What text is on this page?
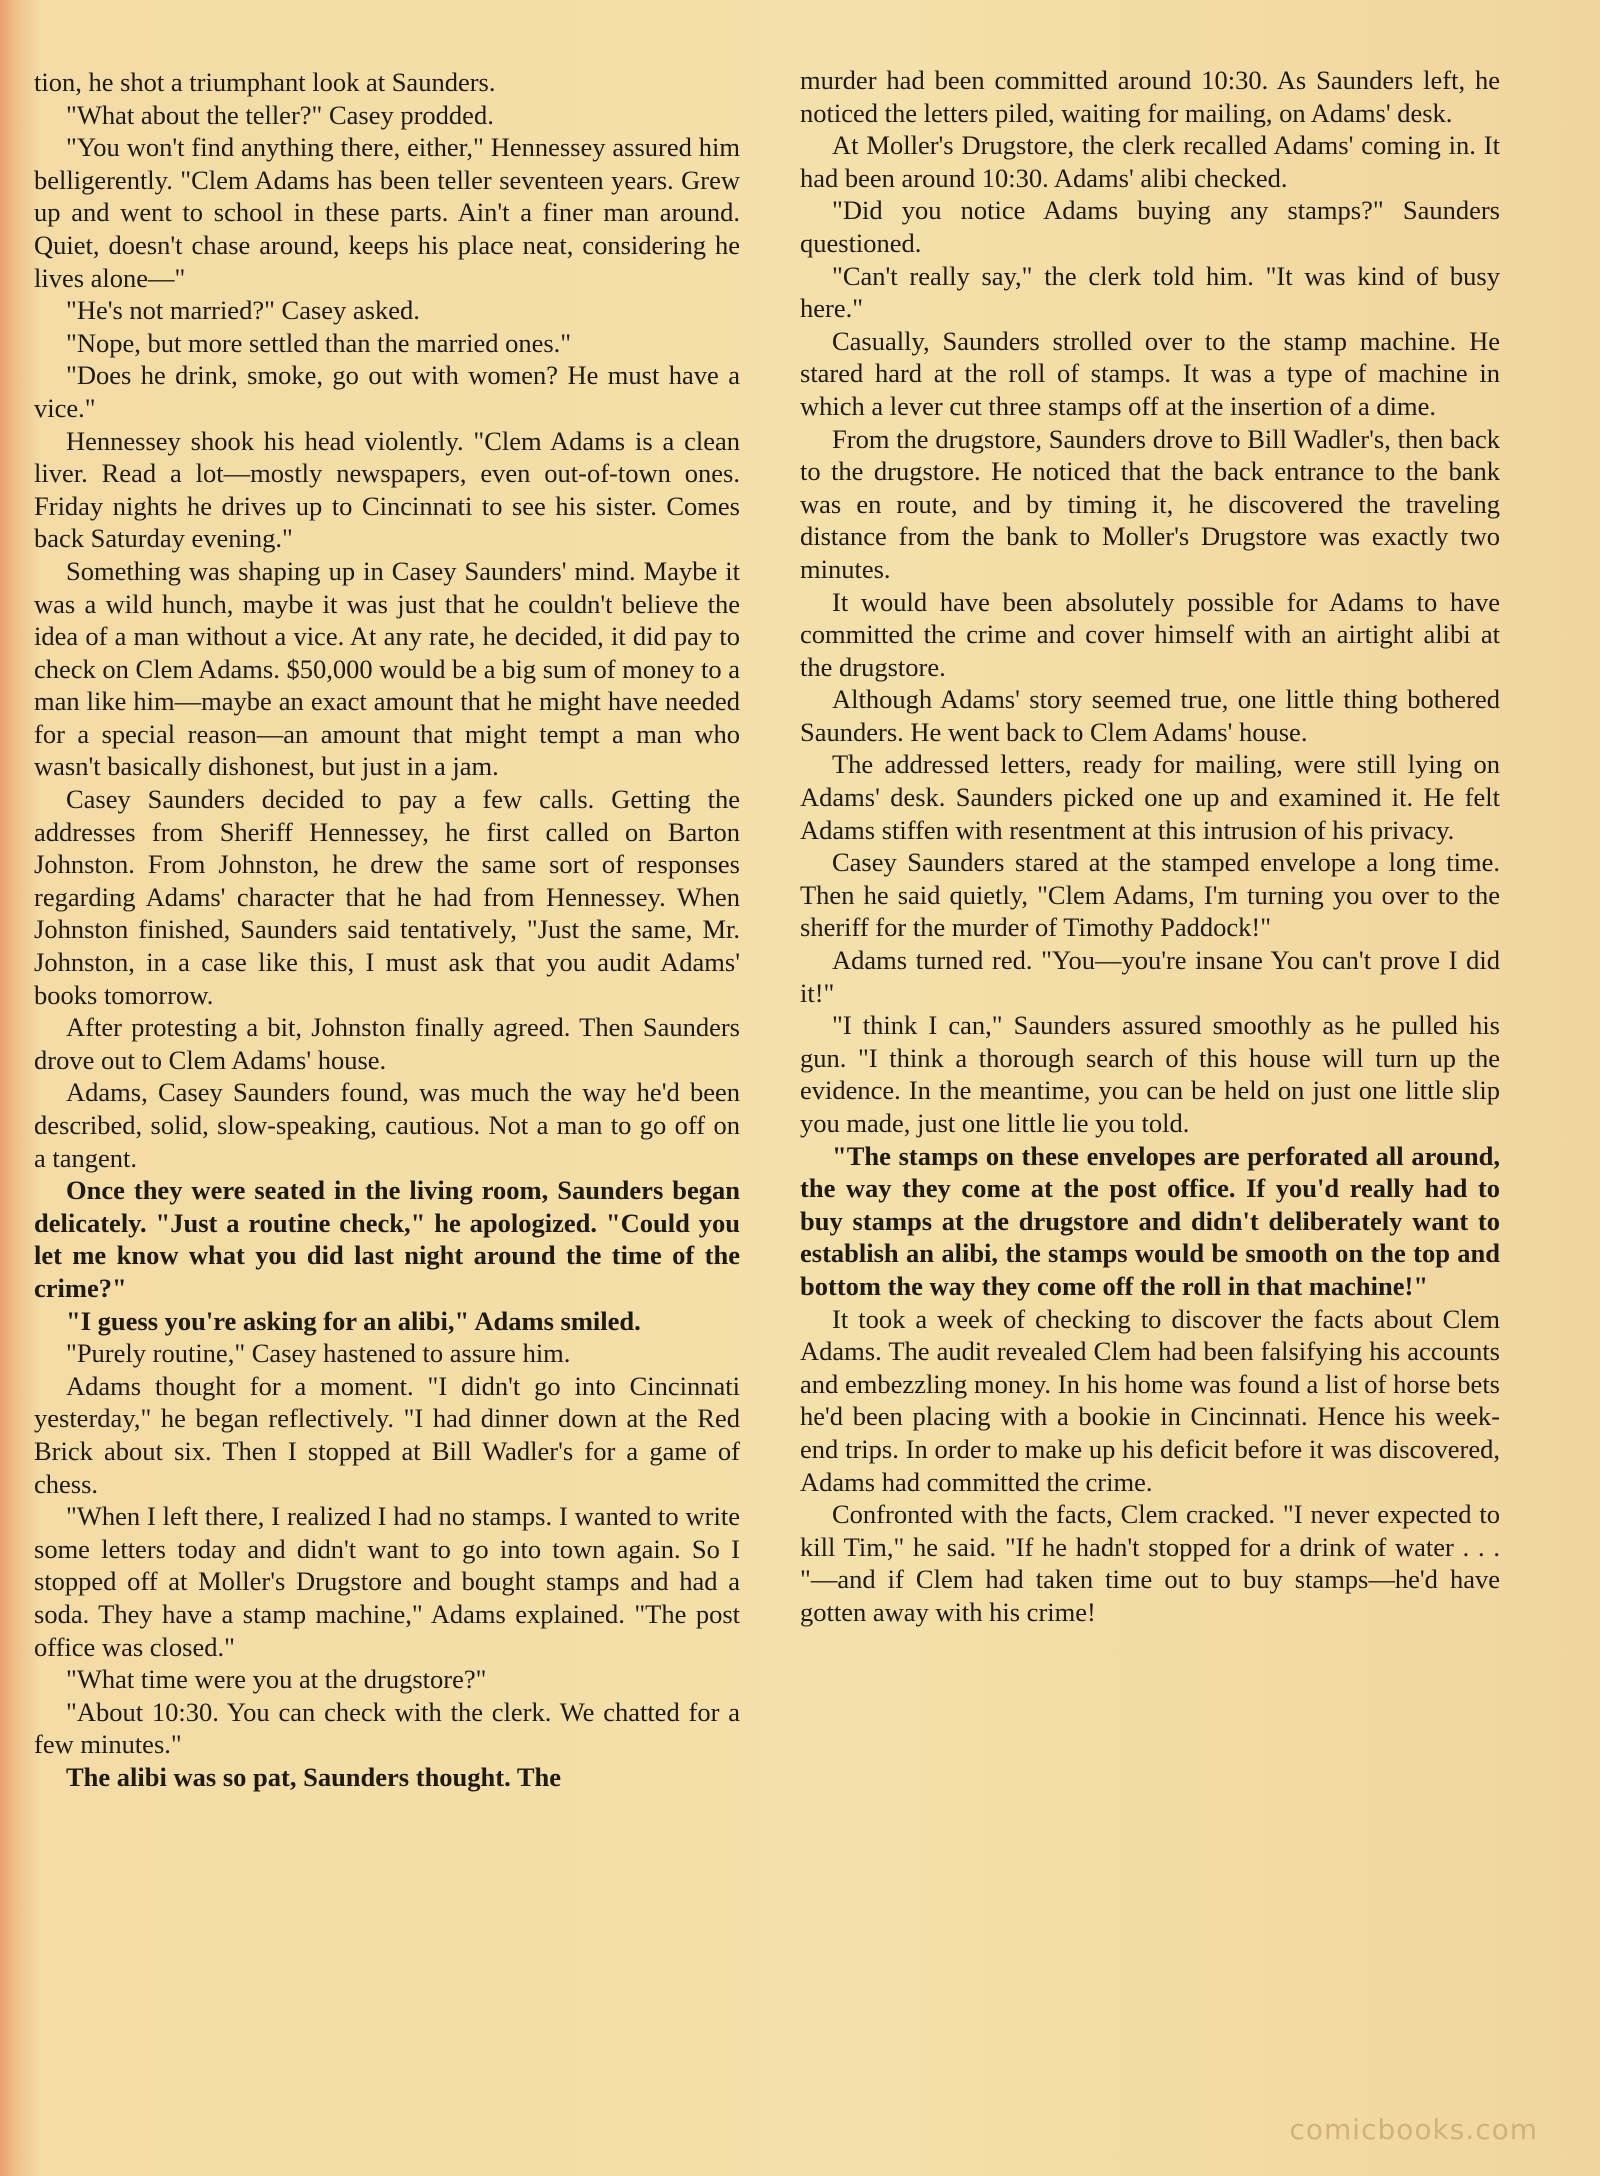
tion, he shot a triumphant look at Saunders.

"What about the teller?" Casey prodded.

"You won't find anything there, either," Hennessey assured him belligerently. "Clem Adams has been teller seventeen years. Grew up and went to school in these parts. Ain't a finer man around. Quiet, doesn't chase around, keeps his place neat, considering he lives alone—"

"He's not married?" Casey asked.

"Nope, but more settled than the married ones."

"Does he drink, smoke, go out with women? He must have a vice."

Hennessey shook his head violently. "Clem Adams is a clean liver. Read a lot—mostly newspapers, even out-of-town ones. Friday nights he drives up to Cincinnati to see his sister. Comes back Saturday evening."

Something was shaping up in Casey Saunders' mind. Maybe it was a wild hunch, maybe it was just that he couldn't believe the idea of a man without a vice. At any rate, he decided, it did pay to check on Clem Adams. $50,000 would be a big sum of money to a man like him—maybe an exact amount that he might have needed for a special reason—an amount that might tempt a man who wasn't basically dishonest, but just in a jam.

Casey Saunders decided to pay a few calls. Getting the addresses from Sheriff Hennessey, he first called on Barton Johnston. From Johnston, he drew the same sort of responses regarding Adams' character that he had from Hennessey. When Johnston finished, Saunders said tentatively, "Just the same, Mr. Johnston, in a case like this, I must ask that you audit Adams' books tomorrow.

After protesting a bit, Johnston finally agreed. Then Saunders drove out to Clem Adams' house.

Adams, Casey Saunders found, was much the way he'd been described, solid, slow-speaking, cautious. Not a man to go off on a tangent.

Once they were seated in the living room, Saunders began delicately. "Just a routine check," he apologized. "Could you let me know what you did last night around the time of the crime?"

"I guess you're asking for an alibi," Adams smiled.

"Purely routine," Casey hastened to assure him.

Adams thought for a moment. "I didn't go into Cincinnati yesterday," he began reflectively. "I had dinner down at the Red Brick about six. Then I stopped at Bill Wadler's for a game of chess.

"When I left there, I realized I had no stamps. I wanted to write some letters today and didn't want to go into town again. So I stopped off at Moller's Drugstore and bought stamps and had a soda. They have a stamp machine," Adams explained. "The post office was closed."

"What time were you at the drugstore?"

"About 10:30. You can check with the clerk. We chatted for a few minutes."

The alibi was so pat, Saunders thought. The

murder had been committed around 10:30. As Saunders left, he noticed the letters piled, waiting for mailing, on Adams' desk.

At Moller's Drugstore, the clerk recalled Adams' coming in. It had been around 10:30. Adams' alibi checked.

"Did you notice Adams buying any stamps?" Saunders questioned.

"Can't really say," the clerk told him. "It was kind of busy here."

Casually, Saunders strolled over to the stamp machine. He stared hard at the roll of stamps. It was a type of machine in which a lever cut three stamps off at the insertion of a dime.

From the drugstore, Saunders drove to Bill Wadler's, then back to the drugstore. He noticed that the back entrance to the bank was en route, and by timing it, he discovered the traveling distance from the bank to Moller's Drugstore was exactly two minutes.

It would have been absolutely possible for Adams to have committed the crime and cover himself with an airtight alibi at the drugstore.

Although Adams' story seemed true, one little thing bothered Saunders. He went back to Clem Adams' house.

The addressed letters, ready for mailing, were still lying on Adams' desk. Saunders picked one up and examined it. He felt Adams stiffen with resentment at this intrusion of his privacy.

Casey Saunders stared at the stamped envelope a long time. Then he said quietly, "Clem Adams, I'm turning you over to the sheriff for the murder of Timothy Paddock!"

Adams turned red. "You—you're insane You can't prove I did it!"

"I think I can," Saunders assured smoothly as he pulled his gun. "I think a thorough search of this house will turn up the evidence. In the meantime, you can be held on just one little slip you made, just one little lie you told.

"The stamps on these envelopes are perforated all around, the way they come at the post office. If you'd really had to buy stamps at the drugstore and didn't deliberately want to establish an alibi, the stamps would be smooth on the top and bottom the way they come off the roll in that machine!"

It took a week of checking to discover the facts about Clem Adams. The audit revealed Clem had been falsifying his accounts and embezzling money. In his home was found a list of horse bets he'd been placing with a bookie in Cincinnati. Hence his week-end trips. In order to make up his deficit before it was discovered, Adams had committed the crime.

Confronted with the facts, Clem cracked. "I never expected to kill Tim," he said. "If he hadn't stopped for a drink of water . . . "—and if Clem had taken time out to buy stamps—he'd have gotten away with his crime!

comicbooks.com
